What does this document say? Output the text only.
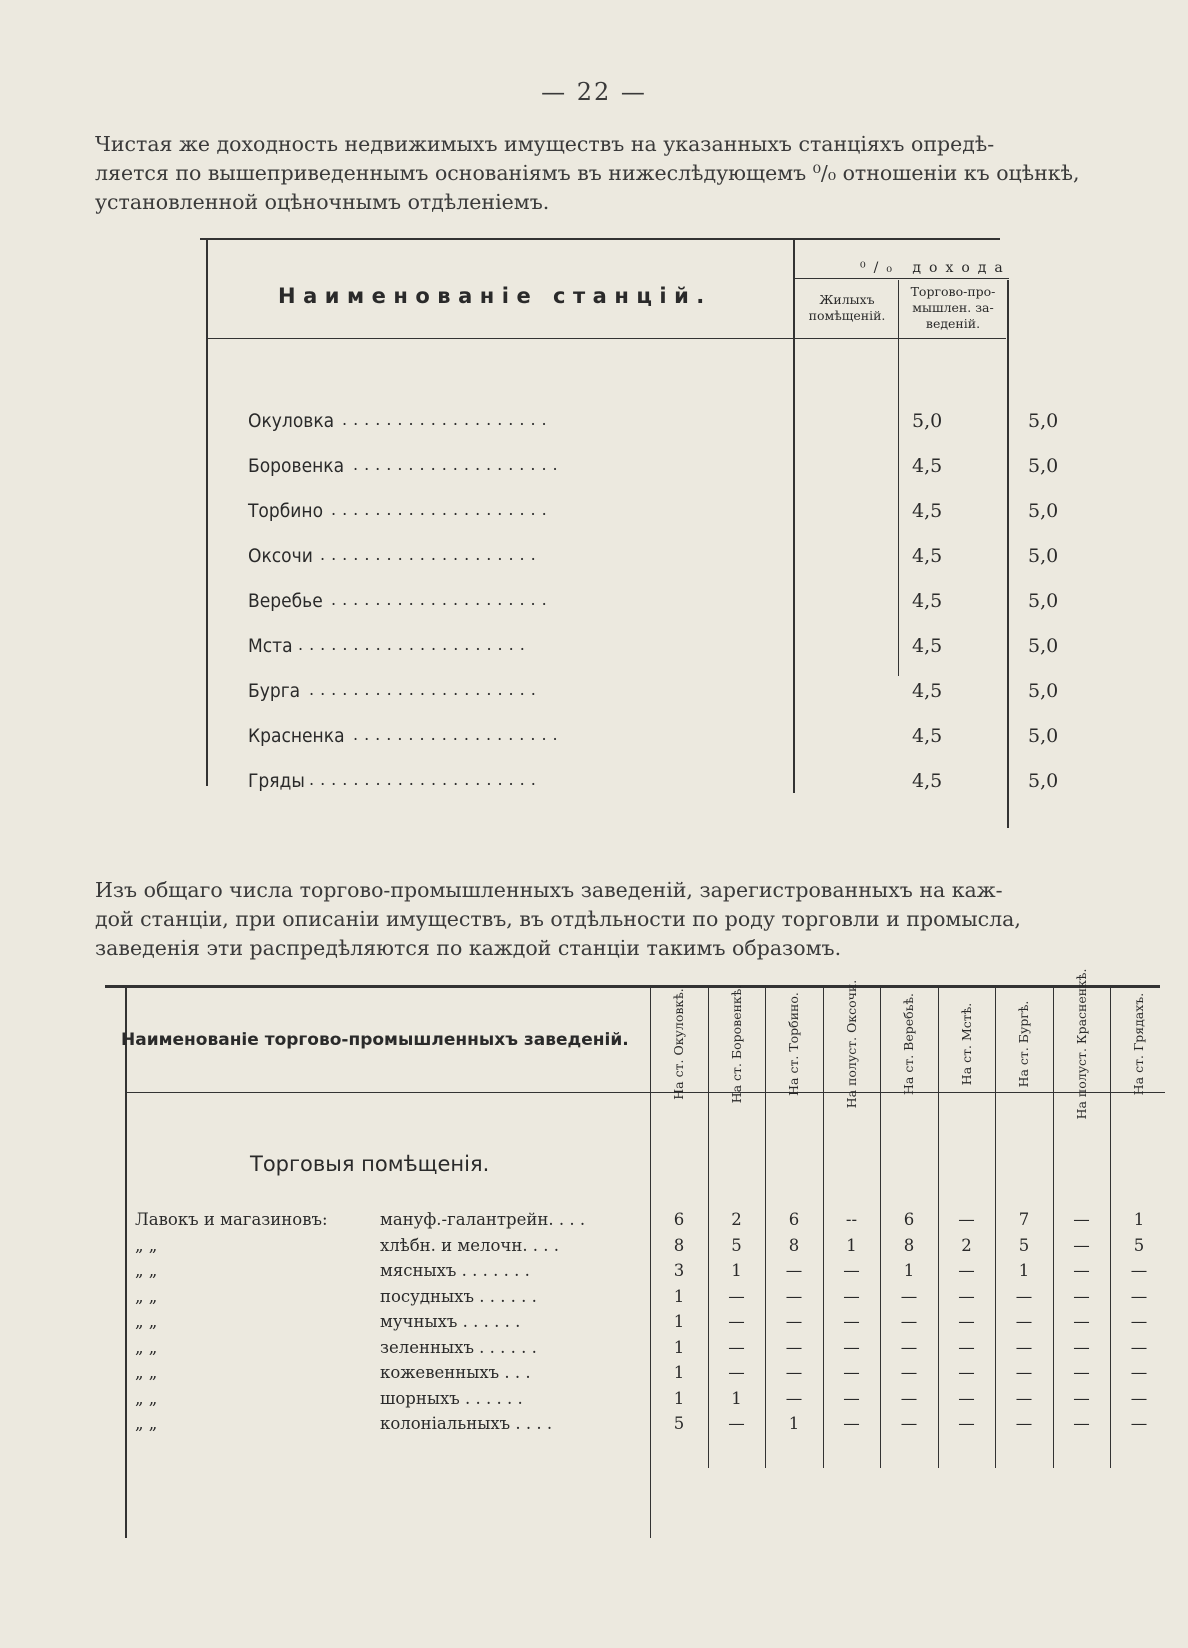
— 22 —
Чистая же доходность недвижимыхъ имуществъ на указанныхъ станціяхъ опредѣ-
ляется по вышеприведеннымъ основаніямъ въ нижеслѣдующемъ ⁰/₀ отношеніи къ оцѣнкѣ,
установленной оцѣночнымъ отдѣленіемъ.
Наименованіе станцій.
⁰/₀ дохода
Жилыхъ помѣщеній.
Торгово-про-мышлен. за-веденій.
Окуловка ...................	5,0	5,0
Боровенка ...................	4,5	5,0
Торбино ....................	4,5	5,0
Оксочи ....................	4,5	5,0
Веребье ....................	4,5	5,0
Мста .....................	4,5	5,0
Бурга .....................	4,5	5,0
Красненка ...................	4,5	5,0
Гряды .....................	4,5	5,0
Изъ общаго числа торгово-промышленныхъ заведеній, зарегистрованныхъ на каж-
дой станціи, при описаніи имуществъ, въ отдѣльности по роду торговли и промысла,
заведенія эти распредѣляются по каждой станціи такимъ образомъ.
Наименованіе торгово-промышленныхъ заведеній.
Торговыя помѣщенія.
На ст. Окуловкѣ.	На ст. Боровенкѣ.	На ст. Торбино.	На полуст. Оксочи.	На ст. Веребьѣ.	На ст. Мстѣ.	На ст. Бургѣ.	На полуст. Красненкѣ.	На ст. Грядахъ.
Лавокъ и магазиновъ:	мануф.-галантрейн. . . .	6	2	6	--	6	—	7	—	1
„ „	хлѣбн. и мелочн. . . .	8	5	8	1	8	2	5	—	5
„ „	мясныхъ . . . . . . .	3	1	—	—	1	—	1	—	—
„ „	посудныхъ . . . . . .	1	—	—	—	—	—	—	—	—
„ „	мучныхъ . . . . . .	1	—	—	—	—	—	—	—	—
„ „	зеленныхъ . . . . . .	1	—	—	—	—	—	—	—	—
„ „	кожевенныхъ . . .	1	—	—	—	—	—	—	—	—
„ „	шорныхъ . . . . . .	1	1	—	—	—	—	—	—	—
„ „	колоніальныхъ . . . .	5	—	1	—	—	—	—	—	—
